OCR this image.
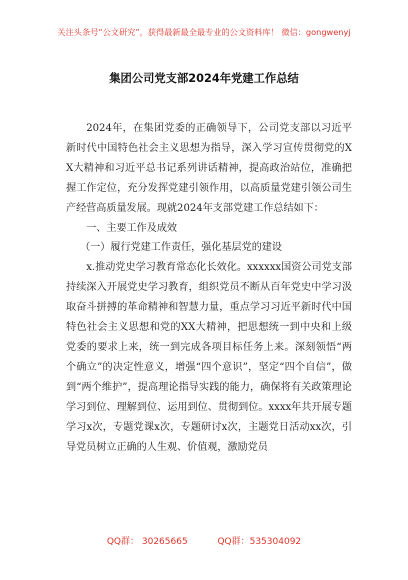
关注头条号“公文研究”，获得最新最全最专业的公文资料库！ 微信：gongwenyj
集团公司党支部2024年党建工作总结

2024年，在集团党委的正确领导下，公司党支部以习近平新时代中国特色社会主义思想为指导，深入学习宣传贯彻党的XX大精神和习近平总书记系列讲话精神，提高政治站位，准确把握工作定位，充分发挥党建引领作用，以高质量党建引领公司生产经营高质量发展。现就2024年支部党建工作总结如下：

一、主要工作及成效

（一）履行党建工作责任，强化基层党的建设

x.推动党史学习教育常态化长效化。xxxxxx国资公司党支部持续深入开展党史学习教育，组织党员不断从百年党史中学习汲取奋斗拼搏的革命精神和智慧力量，重点学习习近平新时代中国特色社会主义思想和党的XX大精神，把思想统一到中央和上级党委的要求上来，统一到完成各项目标任务上来。深刻领悟“两个确立”的决定性意义，增强“四个意识”，坚定“四个自信”，做到“两个维护”，提高理论指导实践的能力，确保将有关政策理论学习到位、理解到位、运用到位、贯彻到位。xxxx年共开展专题学习x次，专题党课x次，专题研讨x次，主题党日活动xx次，引导党员树立正确的人生观、价值观，激励党员

QQ群： 30265665	QQ群：535304092
